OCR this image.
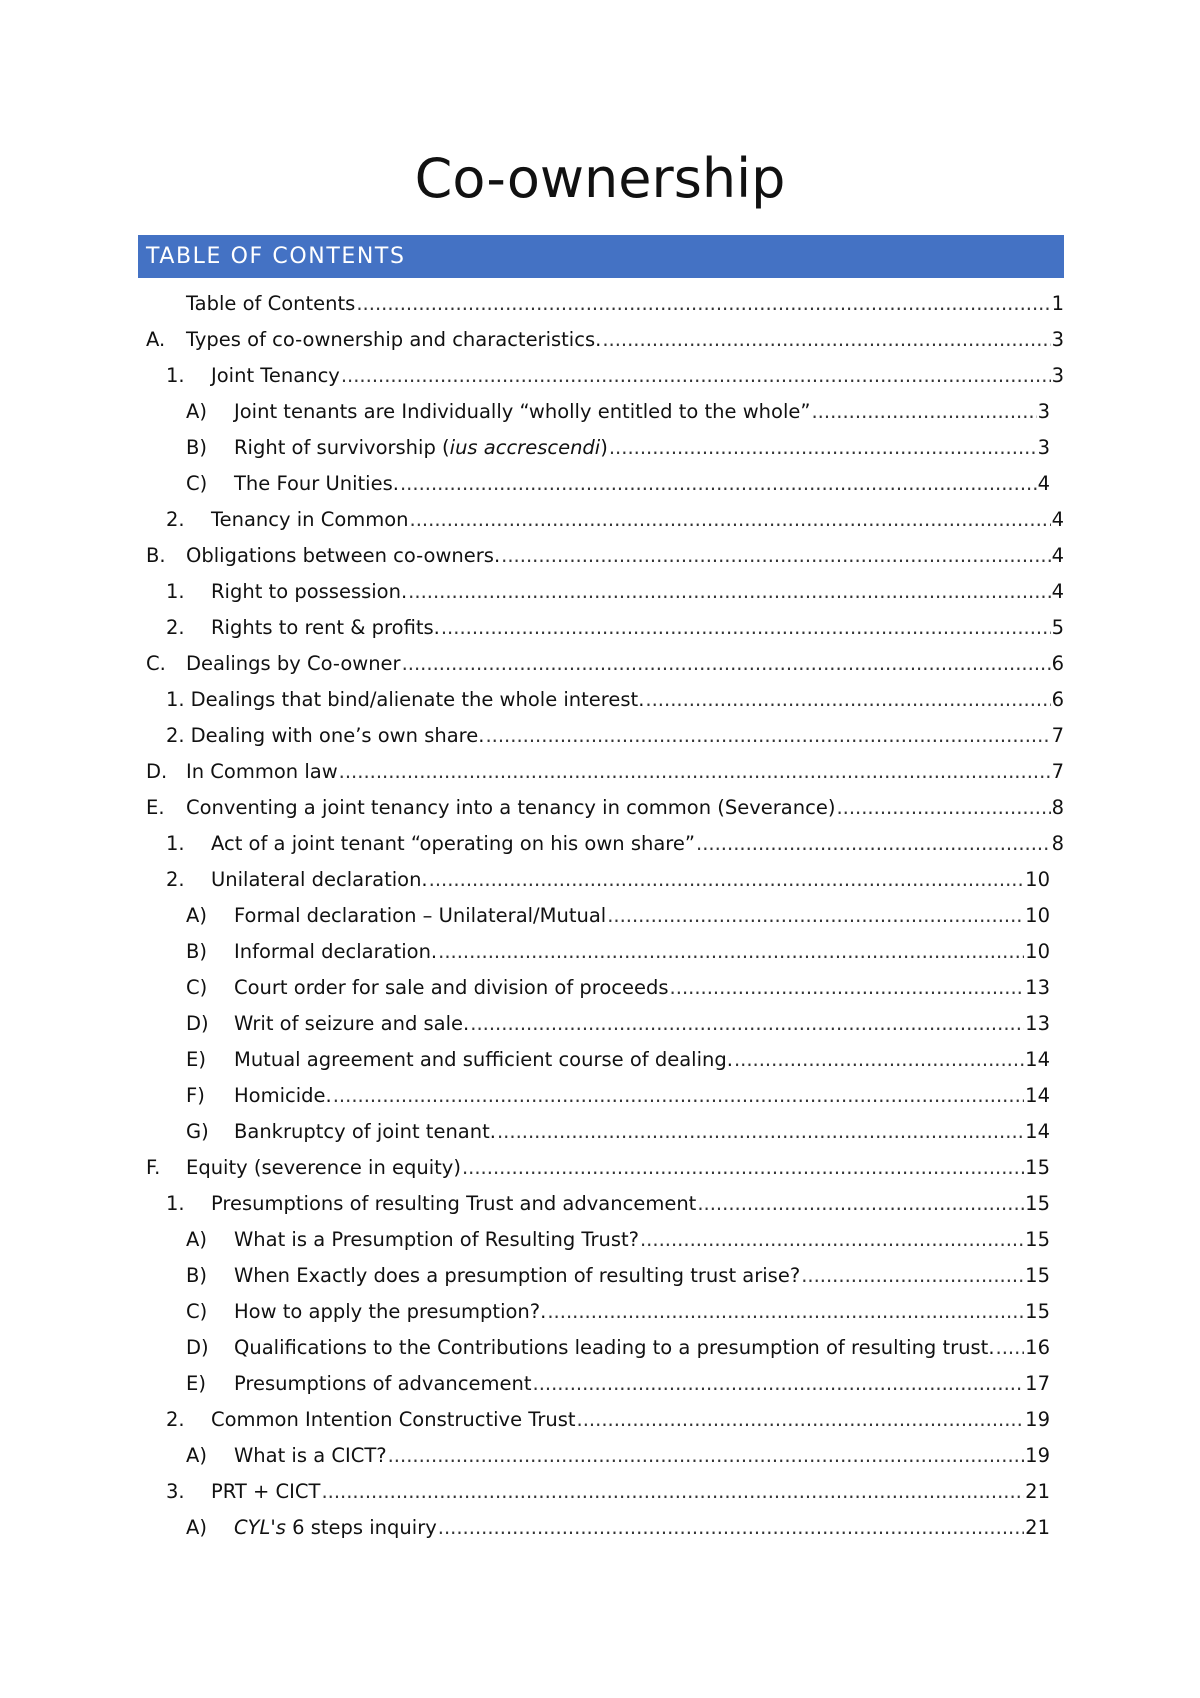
Co-ownership
TABLE OF CONTENTS
Table of Contents .....	1
A.	Types of co-ownership and characteristics. .....	3
1.	Joint Tenancy .....	3
A)	Joint tenants are Individually “wholly entitled to the whole” .....	3
B)	Right of survivorship (ius accrescendi) .....	3
C)	The Four Unities. .....	4
2.	Tenancy in Common .....	4
B.	Obligations between co-owners. .....	4
1.	Right to possession. .....	4
2.	Rights to rent & profits. .....	5
C.	Dealings by Co-owner .....	6
1. Dealings that bind/alienate the whole interest. .....	6
2. Dealing with one’s own share. .....	7
D. In Common law .....	7
E.	Conventing a joint tenancy into a tenancy in common (Severance) .....	8
1.	Act of a joint tenant “operating on his own share” .....	8
2.	Unilateral declaration. .....	10
A)	Formal declaration – Unilateral/Mutual .....	10
B)	Informal declaration. .....	10
C)	Court order for sale and division of proceeds .....	13
D)	Writ of seizure and sale. .....	13
E)	Mutual agreement and sufficient course of dealing. .....	14
F)	Homicide. .....	14
G)	Bankruptcy of joint tenant. .....	14
F.	Equity (severence in equity) .....	15
1.	Presumptions of resulting Trust and advancement .....	15
A)	What is a Presumption of Resulting Trust? .....	15
B)	When Exactly does a presumption of resulting trust arise? .....	15
C)	How to apply the presumption?. .....	15
D)	Qualifications to the Contributions leading to a presumption of resulting trust. ..... 16
E)	Presumptions of advancement .....	17
2.	Common Intention Constructive Trust .....	19
A)	What is a CICT? .....	19
3.	PRT + CICT .....	21
A)	CYL's 6 steps inquiry .....	21
